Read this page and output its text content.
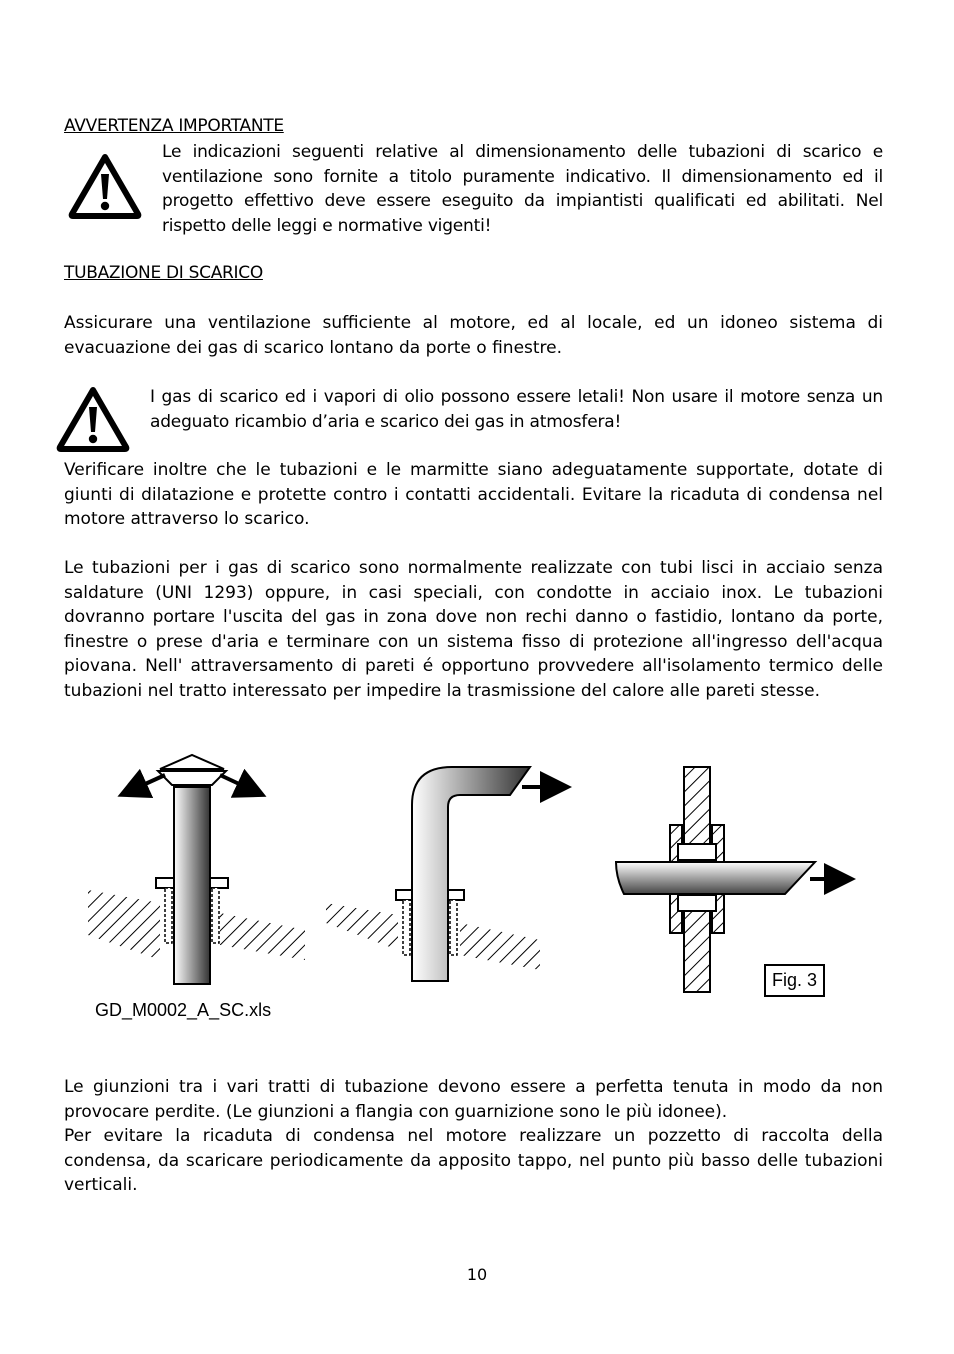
AVVERTENZA IMPORTANTE
Le indicazioni seguenti relative al dimensionamento delle tubazioni di scarico e ventilazione sono fornite a titolo puramente indicativo. Il dimensionamento ed il progetto effettivo deve essere eseguito da impiantisti qualificati ed abilitati. Nel rispetto delle leggi e normative vigenti!
TUBAZIONE DI SCARICO
Assicurare una ventilazione sufficiente al motore, ed al locale, ed un idoneo sistema di evacuazione dei gas di scarico lontano da porte o finestre.
I gas di scarico ed i vapori di olio possono essere letali! Non usare il motore senza un adeguato ricambio d’aria e scarico dei gas in atmosfera!
Verificare inoltre che le tubazioni e le marmitte siano adeguatamente supportate, dotate di giunti di dilatazione e protette contro i contatti accidentali. Evitare la ricaduta di condensa nel motore attraverso lo scarico.
Le tubazioni per i gas di scarico sono normalmente realizzate con tubi lisci in acciaio senza saldature (UNI 1293) oppure, in casi speciali, con condotte in acciaio inox. Le tubazioni dovranno portare l'uscita del gas in zona dove non rechi danno o fastidio, lontano da porte, finestre o prese d'aria e terminare con un sistema fisso di protezione all'ingresso dell'acqua piovana. Nell' attraversamento di pareti é opportuno provvedere all'isolamento termico delle tubazioni nel tratto interessato per impedire la trasmissione del calore alle pareti stesse.
GD_M0002_A_SC.xls
Fig. 3
Le giunzioni tra i vari tratti di tubazione devono essere a perfetta tenuta in modo da non provocare perdite. (Le giunzioni a flangia con guarnizione sono le più idonee).
Per evitare la ricaduta di condensa nel motore realizzare un pozzetto di raccolta della condensa, da scaricare periodicamente da apposito tappo, nel punto più basso delle tubazioni verticali.
10
